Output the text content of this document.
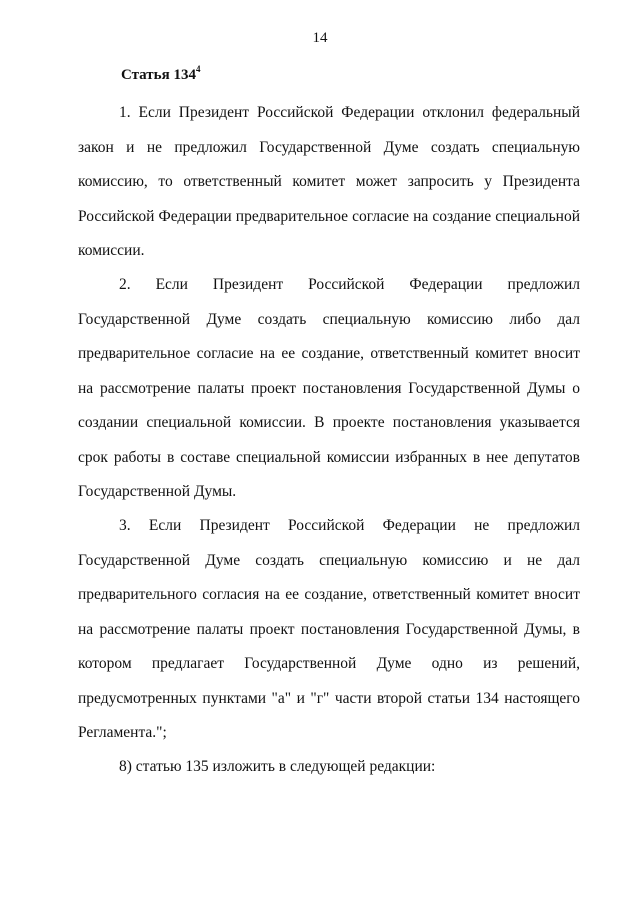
14
Статья $134^4$

1. Если Президент Российской Федерации отклонил федеральный закон и не предложил Государственной Думе создать специальную комиссию, то ответственный комитет может запросить у Президента Российской Федерации предварительное согласие на создание специальной комиссии.

2. Если Президент Российской Федерации предложил Государственной Думе создать специальную комиссию либо дал предварительное согласие на ее создание, ответственный комитет вносит на рассмотрение палаты проект постановления Государственной Думы о создании специальной комиссии. В проекте постановления указывается срок работы в составе специальной комиссии избранных в нее депутатов Государственной Думы.

3. Если Президент Российской Федерации не предложил Государственной Думе создать специальную комиссию и не дал предварительного согласия на ее создание, ответственный комитет вносит на рассмотрение палаты проект постановления Государственной Думы, в котором предлагает Государственной Думе одно из решений, предусмотренных пунктами "а" и "г" части второй статьи 134 настоящего Регламента.";

8) статью 135 изложить в следующей редакции:
